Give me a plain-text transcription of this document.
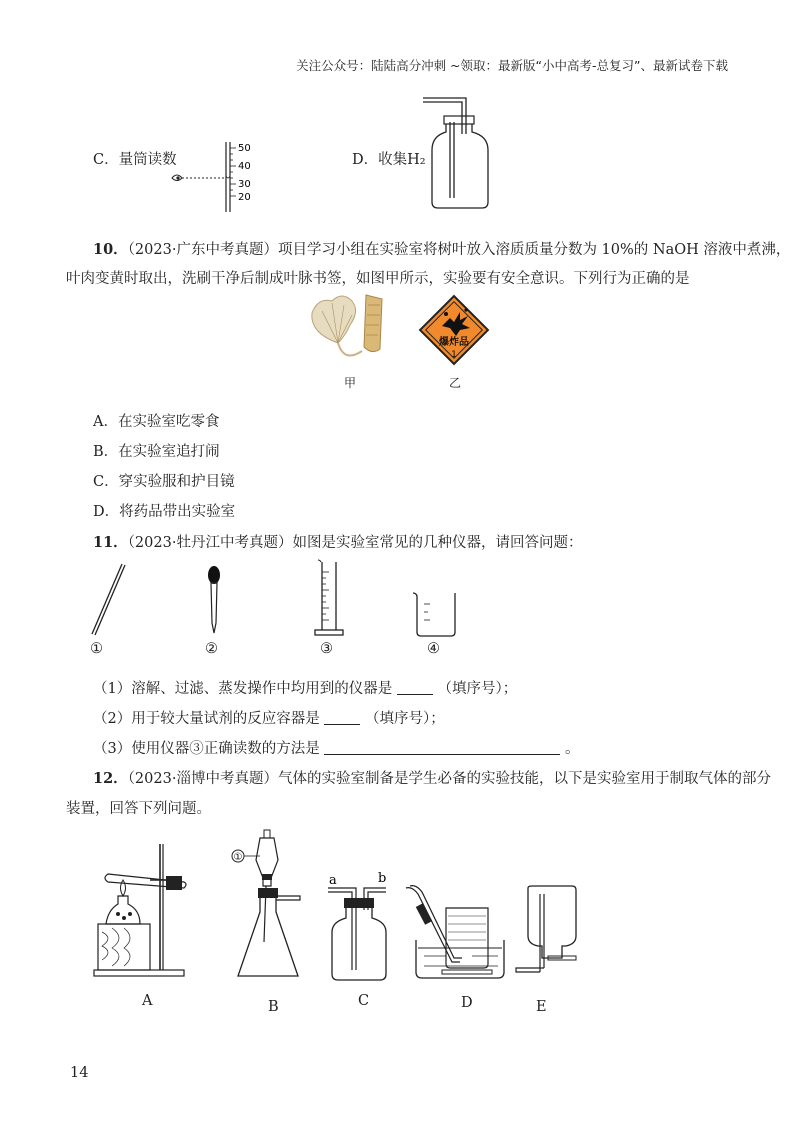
关注公众号：陆陆高分冲刺 ~领取：最新版“小中高考-总复习”、最新试卷下载
C．量筒读数
50
40
30
20
D．收集H₂
10．（2023·广东中考真题）项目学习小组在实验室将树叶放入溶质质量分数为 10%的 NaOH 溶液中煮沸，
叶肉变黄时取出，洗刷干净后制成叶脉书签，如图甲所示，实验要有安全意识。下列行为正确的是
甲
爆炸品
1
乙
A．在实验室吃零食
B．在实验室追打闹
C．穿实验服和护目镜
D．将药品带出实验室
11．（2023·牡丹江中考真题）如图是实验室常见的几种仪器，请回答问题：
①	②	③	④
（1）溶解、过滤、蒸发操作中均用到的仪器是	（填序号）；
（2）用于较大量试剂的反应容器是	（填序号）；
（3）使用仪器③正确读数的方法是	。
12．（2023·淄博中考真题）气体的实验室制备是学生必备的实验技能，以下是实验室用于制取气体的部分
装置，回答下列问题。
①
a	b
A	B	C	D	E
14
